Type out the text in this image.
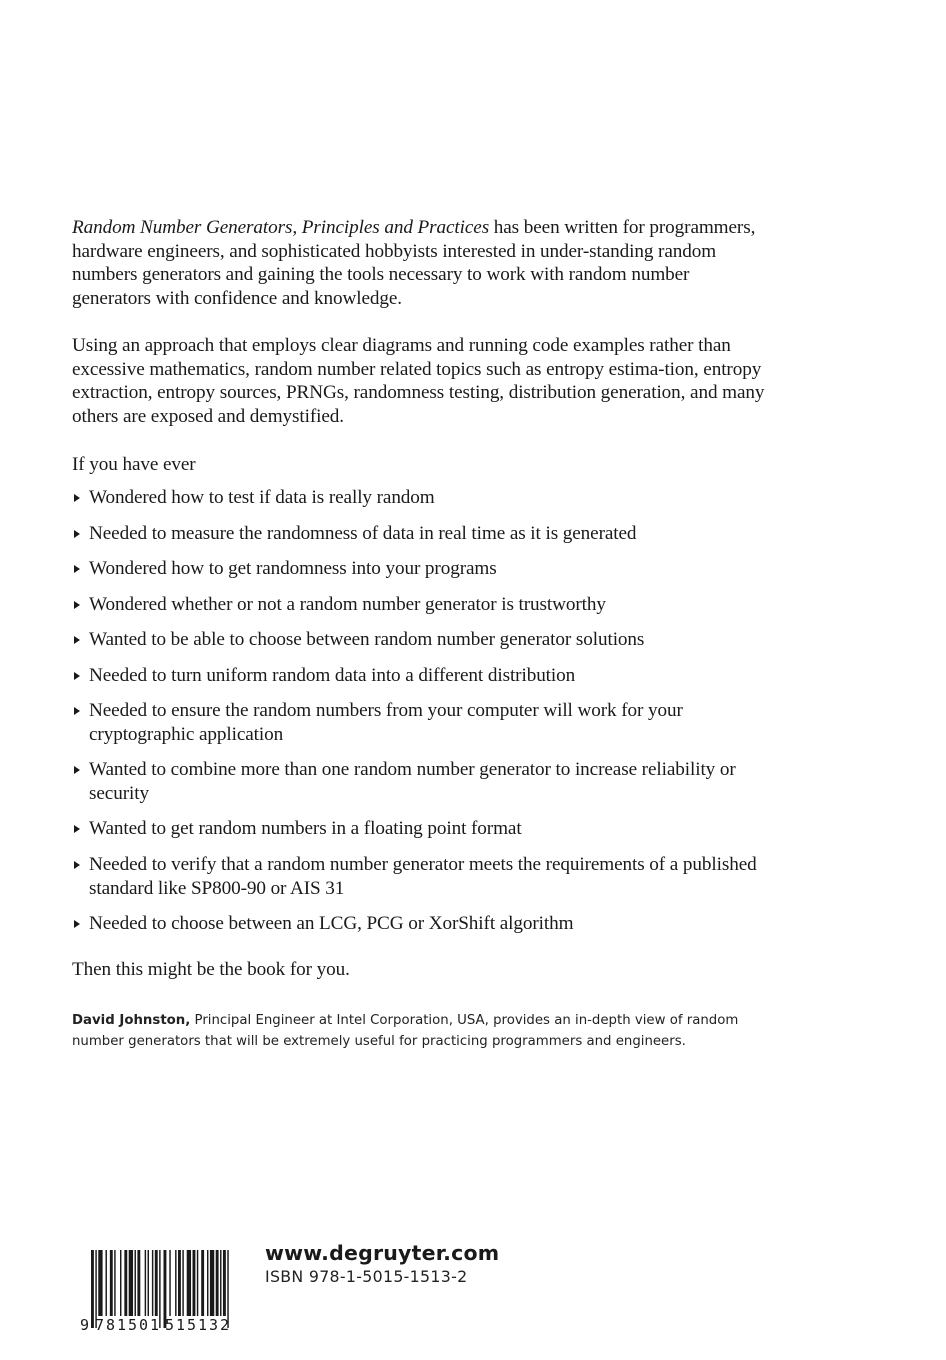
Random Number Generators, Principles and Practices has been written for programmers, hardware engineers, and sophisticated hobbyists interested in under-standing random numbers generators and gaining the tools necessary to work with random number generators with confidence and knowledge.

Using an approach that employs clear diagrams and running code examples rather than excessive mathematics, random number related topics such as entropy estima-tion, entropy extraction, entropy sources, PRNGs, randomness testing, distribution generation, and many others are exposed and demystified.

If you have ever

Wondered how to test if data is really random
Needed to measure the randomness of data in real time as it is generated
Wondered how to get randomness into your programs
Wondered whether or not a random number generator is trustworthy
Wanted to be able to choose between random number generator solutions
Needed to turn uniform random data into a different distribution
Needed to ensure the random numbers from your computer will work for your cryptographic application
Wanted to combine more than one random number generator to increase reliability or security
Wanted to get random numbers in a floating point format
Needed to verify that a random number generator meets the requirements of a published standard like SP800-90 or AIS 31
Needed to choose between an LCG, PCG or XorShift algorithm

Then this might be the book for you.

David Johnston, Principal Engineer at Intel Corporation, USA, provides an in-depth view of random number generators that will be extremely useful for practicing programmers and engineers.

9 781501 515132
www.degruyter.com
ISBN 978-1-5015-1513-2
